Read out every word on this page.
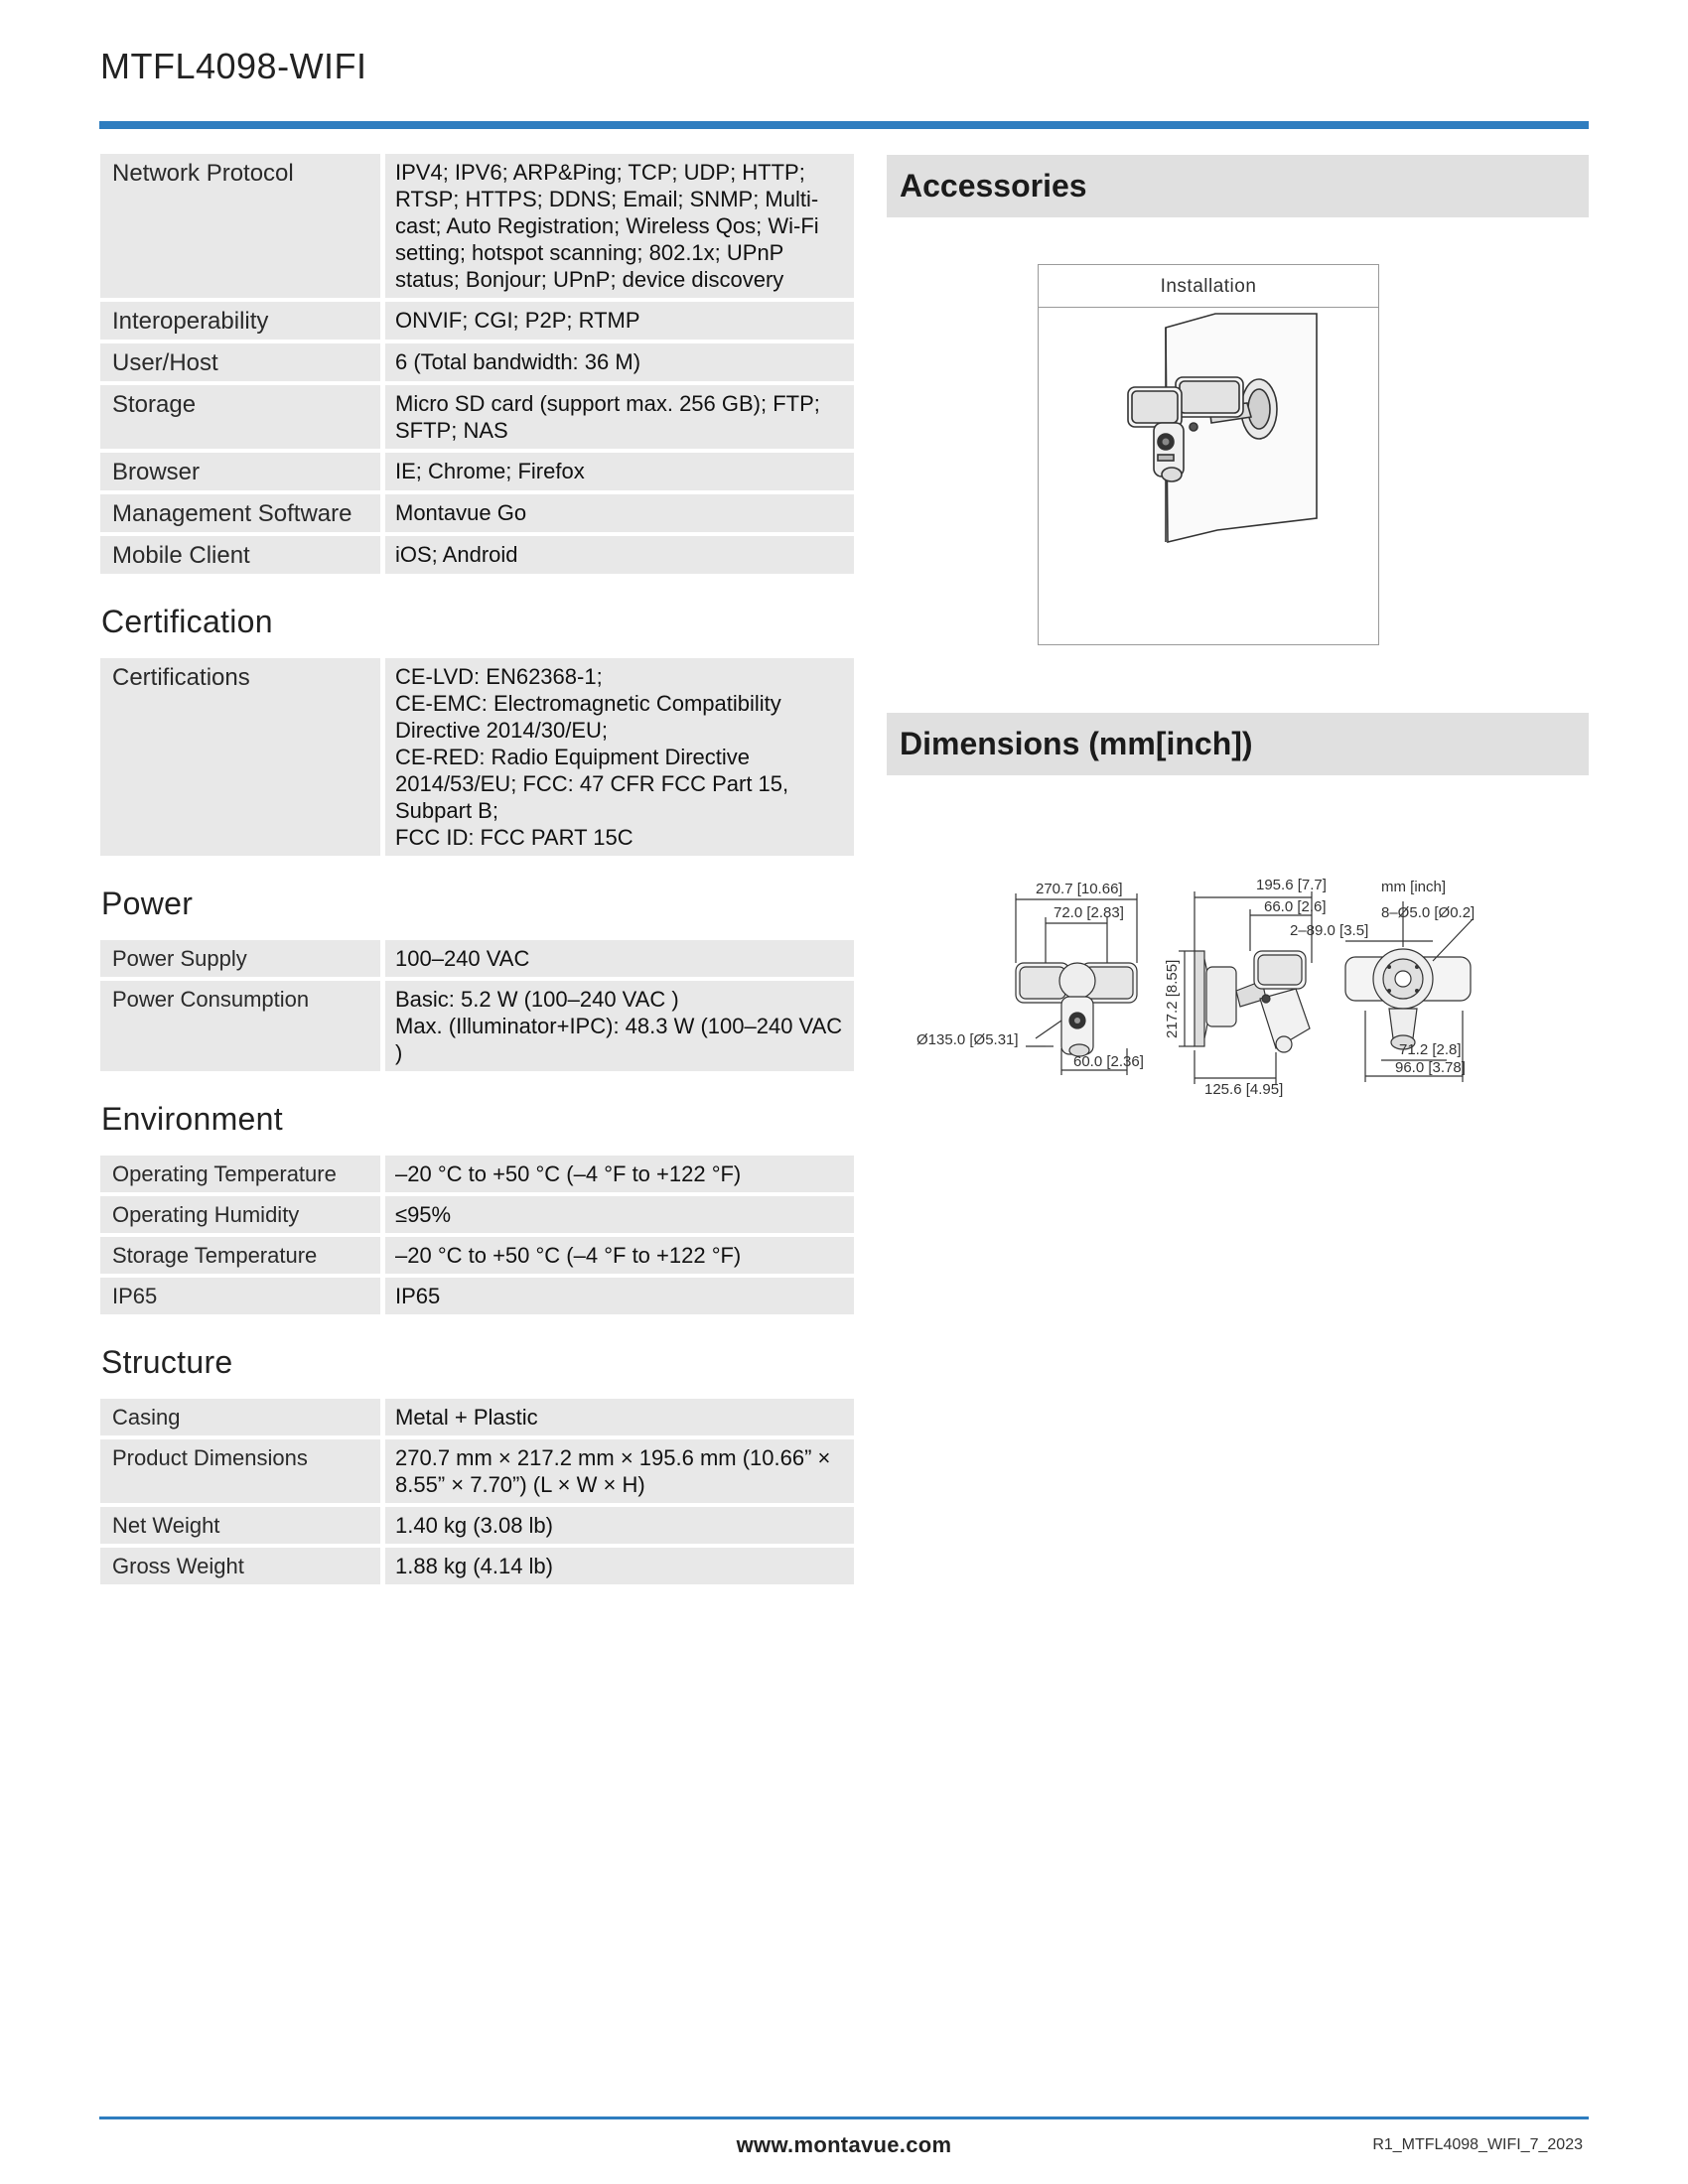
MTFL4098-WIFI
Network Protocol	IPV4; IPV6; ARP&Ping; TCP; UDP; HTTP; RTSP; HTTPS; DDNS; Email; SNMP; Multi-cast; Auto Registration; Wireless Qos; Wi-Fi setting; hotspot scanning; 802.1x; UPnP status; Bonjour; UPnP; device discovery
Interoperability	ONVIF; CGI; P2P; RTMP
User/Host	6 (Total bandwidth: 36 M)
Storage	Micro SD card (support max. 256 GB); FTP; SFTP; NAS
Browser	IE; Chrome; Firefox
Management Software	Montavue Go
Mobile Client	iOS; Android
Certification
Certifications	CE-LVD: EN62368-1;
CE-EMC: Electromagnetic Compatibility Directive 2014/30/EU;
CE-RED: Radio Equipment Directive 2014/53/EU; FCC: 47 CFR FCC Part 15, Subpart B;
FCC ID: FCC PART 15C
Power
Power Supply	100–240 VAC
Power Consumption	Basic: 5.2 W (100–240 VAC )
Max. (Illuminator+IPC): 48.3 W (100–240 VAC )
Environment
Operating Temperature	–20 °C to +50 °C (–4 °F to +122 °F)
Operating Humidity	≤95%
Storage Temperature	–20 °C to +50 °C (–4 °F to +122 °F)
IP65	IP65
Structure
Casing	Metal + Plastic
Product Dimensions	270.7 mm × 217.2 mm × 195.6 mm (10.66” × 8.55” × 7.70”) (L × W × H)
Net Weight	1.40 kg (3.08 lb)
Gross Weight	1.88 kg (4.14 lb)
Accessories
Installation
Dimensions (mm[inch])
270.7 [10.66]
72.0 [2.83]
Ø135.0 [Ø5.31]
60.0 [2.36]
217.2 [8.55]
195.6 [7.7]
66.0 [2.6]
125.6 [4.95]
mm [inch]
8–Ø5.0 [Ø0.2]
2–89.0 [3.5]
71.2 [2.8]
96.0 [3.78]
www.montavue.com	R1_MTFL4098_WIFI_7_2023
